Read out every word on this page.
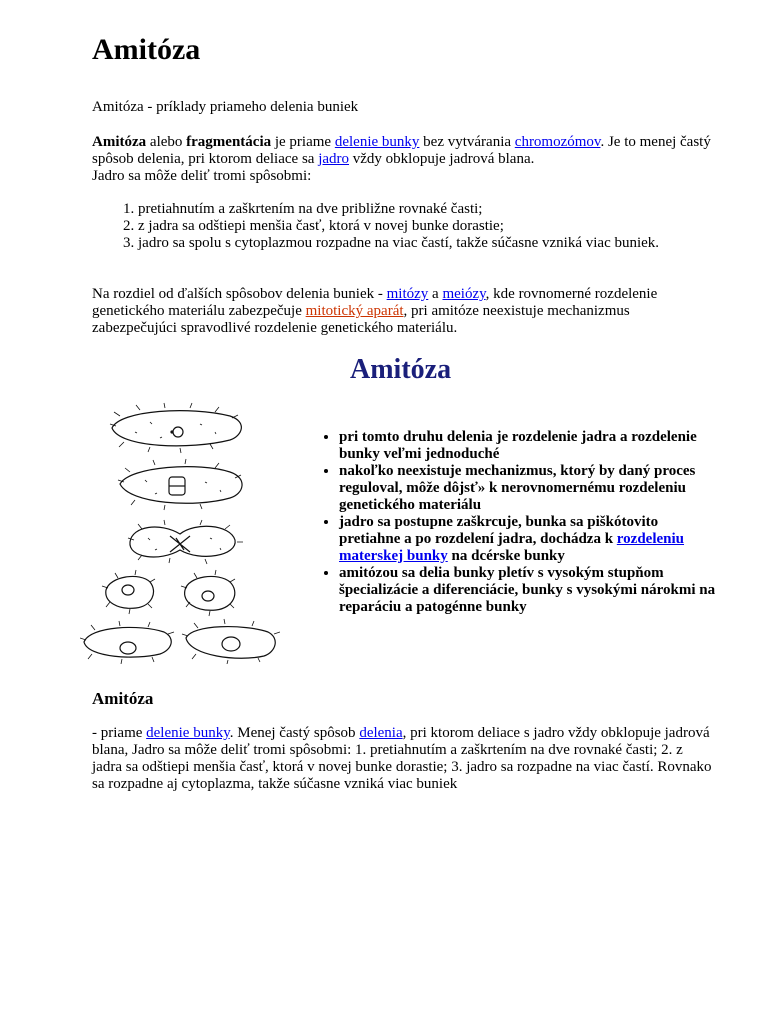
Amitóza

Amitóza - príklady priameho delenia buniek

Amitóza alebo fragmentácia je priame delenie bunky bez vytvárania chromozómov. Je to menej častý spôsob delenia, pri ktorom deliace sa jadro vždy obklopuje jadrová blana.
Jadro sa môže deliť tromi spôsobmi:

1. pretiahnutím a zaškrtením na dve približne rovnaké časti;
2. z jadra sa odštiepi menšia časť, ktorá v novej bunke dorastie;
3. jadro sa spolu s cytoplazmou rozpadne na viac častí, takže súčasne vzniká viac buniek.

Na rozdiel od ďalších spôsobov delenia buniek - mitózy a meiózy, kde rovnomerné rozdelenie genetického materiálu zabezpečuje mitotický aparát, pri amitóze neexistuje mechanizmus zabezpečujúci spravodlivé rozdelenie genetického materiálu.

Amitóza
• pri tomto druhu delenia je rozdelenie jadra a rozdelenie bunky veľmi jednoduché
• nakoľko neexistuje mechanizmus, ktorý by daný proces reguloval, môže dôjsť» k nerovnomernému rozdeleniu genetického materiálu
• jadro sa postupne zaškrcuje, bunka sa piškótovito pretiahne a po rozdelení jadra, dochádza k rozdeleniu materskej bunky na dcérske bunky
• amitózou sa delia bunky pletív s vysokým stupňom špecializácie a diferenciácie, bunky s vysokými nárokmi na reparáciu a patogénne bunky
Amitóza

- priame delenie bunky. Menej častý spôsob delenia, pri ktorom deliace s jadro vždy obklopuje jadrová blana, Jadro sa môže deliť tromi spôsobmi: 1. pretiahnutím a zaškrtením na dve rovnaké časti; 2. z jadra sa odštiepi menšia časť, ktorá v novej bunke dorastie; 3. jadro sa rozpadne na viac častí. Rovnako sa rozpadne aj cytoplazma, takže súčasne vzniká viac buniek
